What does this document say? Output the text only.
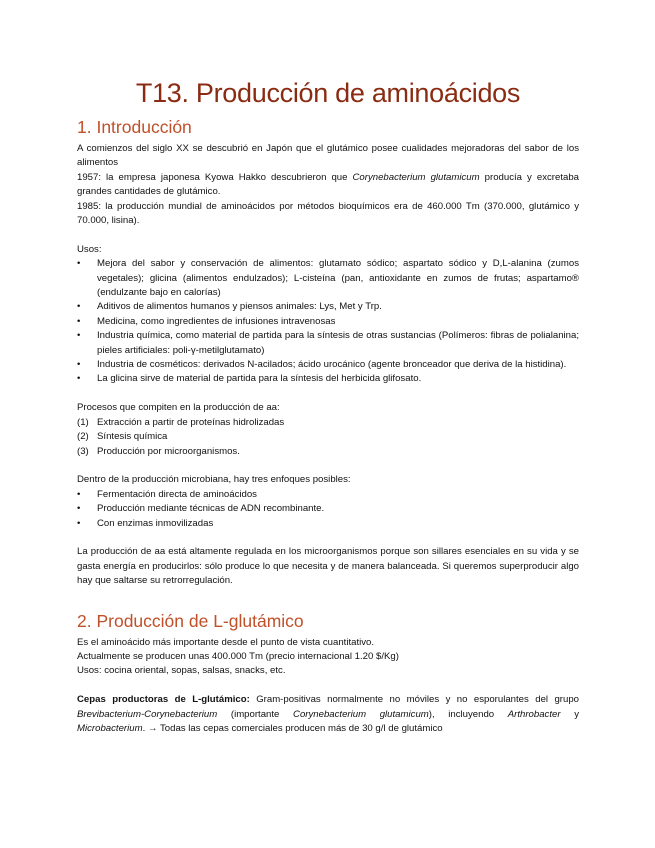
T13. Producción de aminoácidos
1. Introducción

A comienzos del siglo XX se descubrió en Japón que el glutámico posee cualidades mejoradoras del sabor de los alimentos

1957: la empresa japonesa Kyowa Hakko descubrieron que Corynebacterium glutamicum producía y excretaba grandes cantidades de glutámico.

1985: la producción mundial de aminoácidos por métodos bioquímicos era de 460.000 Tm (370.000, glutámico y 70.000, lisina).

Usos:

•	Mejora del sabor y conservación de alimentos: glutamato sódico; aspartato sódico y D,L-alanina (zumos vegetales); glicina (alimentos endulzados); L-cisteína (pan, antioxidante en zumos de frutas; aspartamo® (endulzante bajo en calorías)
•	Aditivos de alimentos humanos y piensos animales: Lys, Met y Trp.
•	Medicina, como ingredientes de infusiones intravenosas
•	Industria química, como material de partida para la síntesis de otras sustancias (Polímeros: fibras de polialanina; pieles artificiales: poli-γ-metilglutamato)
•	Industria de cosméticos: derivados N-acilados; ácido urocánico (agente bronceador que deriva de la histidina).
•	La glicina sirve de material de partida para la síntesis del herbicida glifosato.

Procesos que compiten en la producción de aa:

(1) Extracción a partir de proteínas hidrolizadas
(2) Síntesis química
(3) Producción por microorganismos.

Dentro de la producción microbiana, hay tres enfoques posibles:

•	Fermentación directa de aminoácidos
•	Producción mediante técnicas de ADN recombinante.
•	Con enzimas inmovilizadas

La producción de aa está altamente regulada en los microorganismos porque son sillares esenciales en su vida y se gasta energía en producirlos: sólo produce lo que necesita y de manera balanceada. Si queremos superproducir algo hay que saltarse su retrorregulación.

2. Producción de L-glutámico

Es el aminoácido más importante desde el punto de vista cuantitativo.

Actualmente se producen unas 400.000 Tm (precio internacional 1.20 $/Kg)

Usos: cocina oriental, sopas, salsas, snacks, etc.

Cepas productoras de L-glutámico: Gram-positivas normalmente no móviles y no esporulantes del grupo Brevibacterium-Corynebacterium (importante Corynebacterium glutamicum), incluyendo Arthrobacter y Microbacterium. → Todas las cepas comerciales producen más de 30 g/l de glutámico
